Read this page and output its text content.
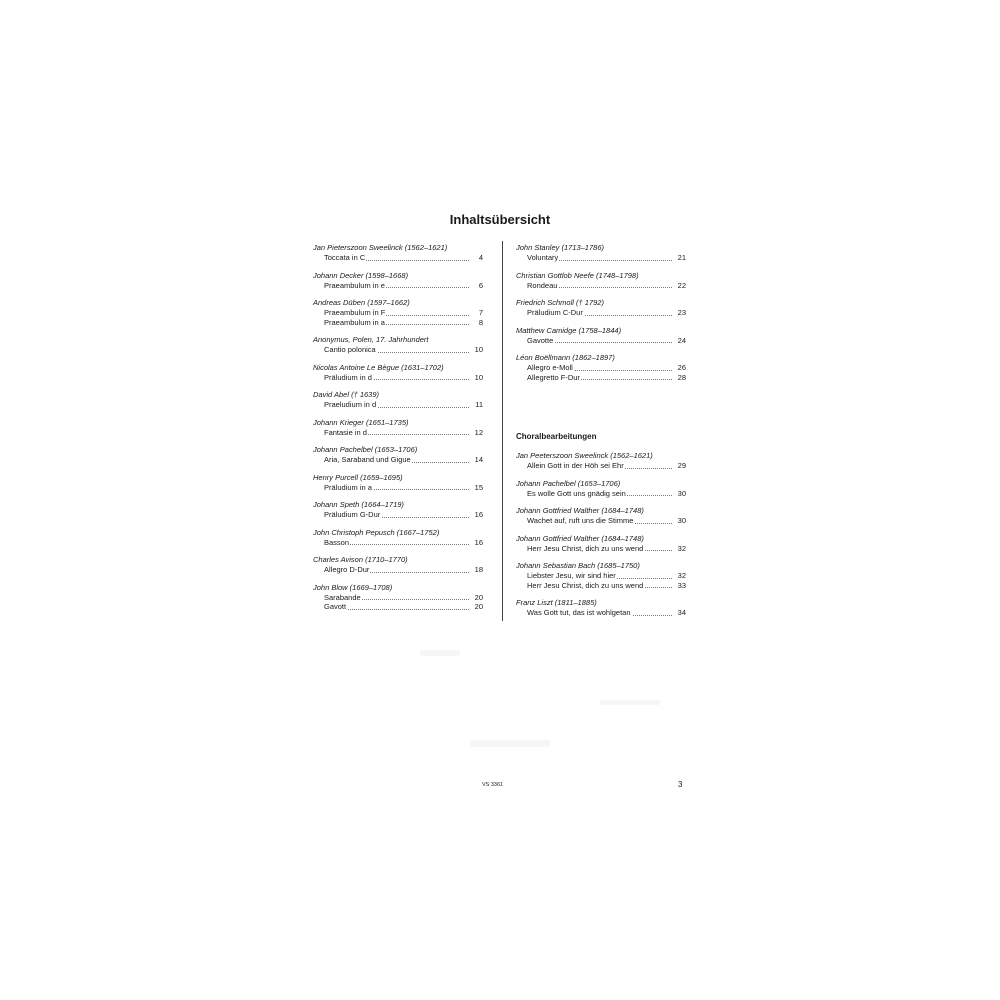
Inhaltsübersicht
Jan Pieterszoon Sweelinck (1562–1621)
Toccata in C	4
Johann Decker (1598–1668)
Praeambulum in e	6
Andreas Düben (1597–1662)
Praeambulum in F	7
Praeambulum in a	8
Anonymus, Polen, 17. Jahrhundert
Cantio polonica	10
Nicolas Antoine Le Bègue (1631–1702)
Präludium in d	10
David Abel († 1639)
Praeludium in d	11
Johann Krieger (1651–1735)
Fantasie in d	12
Johann Pachelbel (1653–1706)
Aria, Saraband und Gigue	14
Henry Purcell (1659–1695)
Präludium in a	15
Johann Speth (1664–1719)
Präludium G-Dur	16
John Christoph Pepusch (1667–1752)
Basson	16
Charles Avison (1710–1770)
Allegro D-Dur	18
John Blow (1669–1708)
Sarabande	20
Gavott	20
John Stanley (1713–1786)
Voluntary	21
Christian Gottlob Neefe (1748–1798)
Rondeau	22
Friedrich Schmoll († 1792)
Präludium C-Dur	23
Matthew Camidge (1758–1844)
Gavotte	24
Léon Boëllmann (1862–1897)
Allegro e-Moll	26
Allegretto F-Dur	28
Choralbearbeitungen
Jan Peeterszoon Sweelinck (1562–1621)
Allein Gott in der Höh sei Ehr	29
Johann Pachelbel (1653–1706)
Es wolle Gott uns gnädig sein	30
Johann Gottfried Walther (1684–1748)
Wachet auf, ruft uns die Stimme	30
Johann Gottfried Walther (1684–1748)
Herr Jesu Christ, dich zu uns wend	32
Johann Sebastian Bach (1685–1750)
Liebster Jesu, wir sind hier	32
Herr Jesu Christ, dich zu uns wend	33
Franz Liszt (1811–1885)
Was Gott tut, das ist wohlgetan	34
VS 3361	3
